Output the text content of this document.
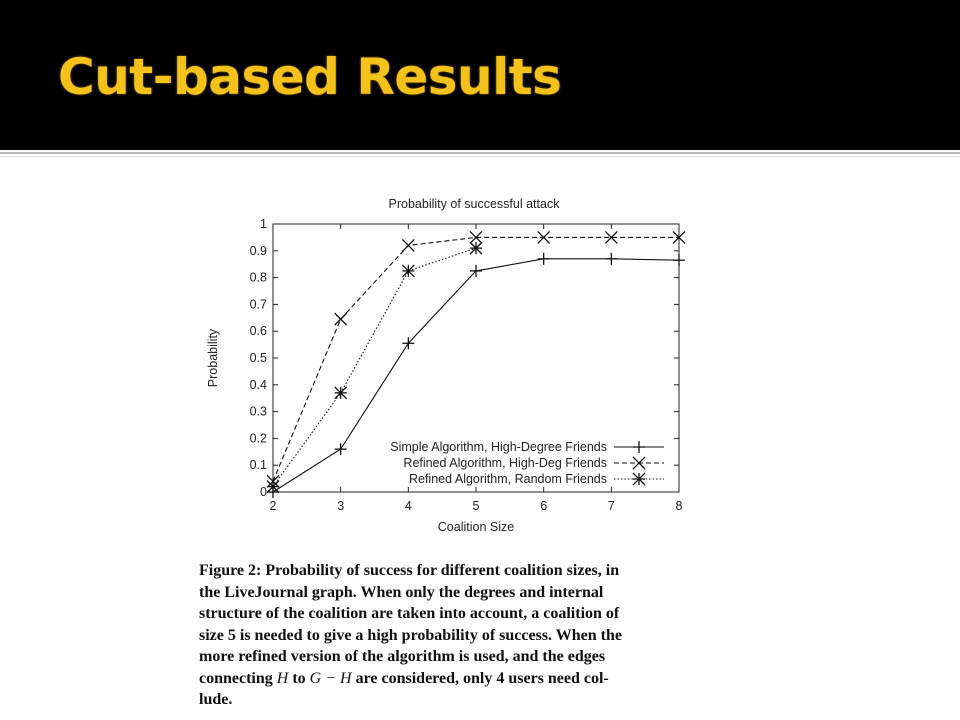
Cut-based Results
Probability of successful attack
0
0.1
0.2
0.3
0.4
0.5
0.6
0.7
0.8
0.9
1
2	3	4	5	6	7	8
Simple Algorithm, High-Degree Friends
Refined Algorithm, High-Deg Friends
Refined Algorithm, Random Friends
Coalition Size
Probability
Figure 2: Probability of success for different coalition sizes, in
the LiveJournal graph. When only the degrees and internal
structure of the coalition are taken into account, a coalition of
size 5 is needed to give a high probability of success. When the
more refined version of the algorithm is used, and the edges
connecting H to G − H are considered, only 4 users need col-
lude.
